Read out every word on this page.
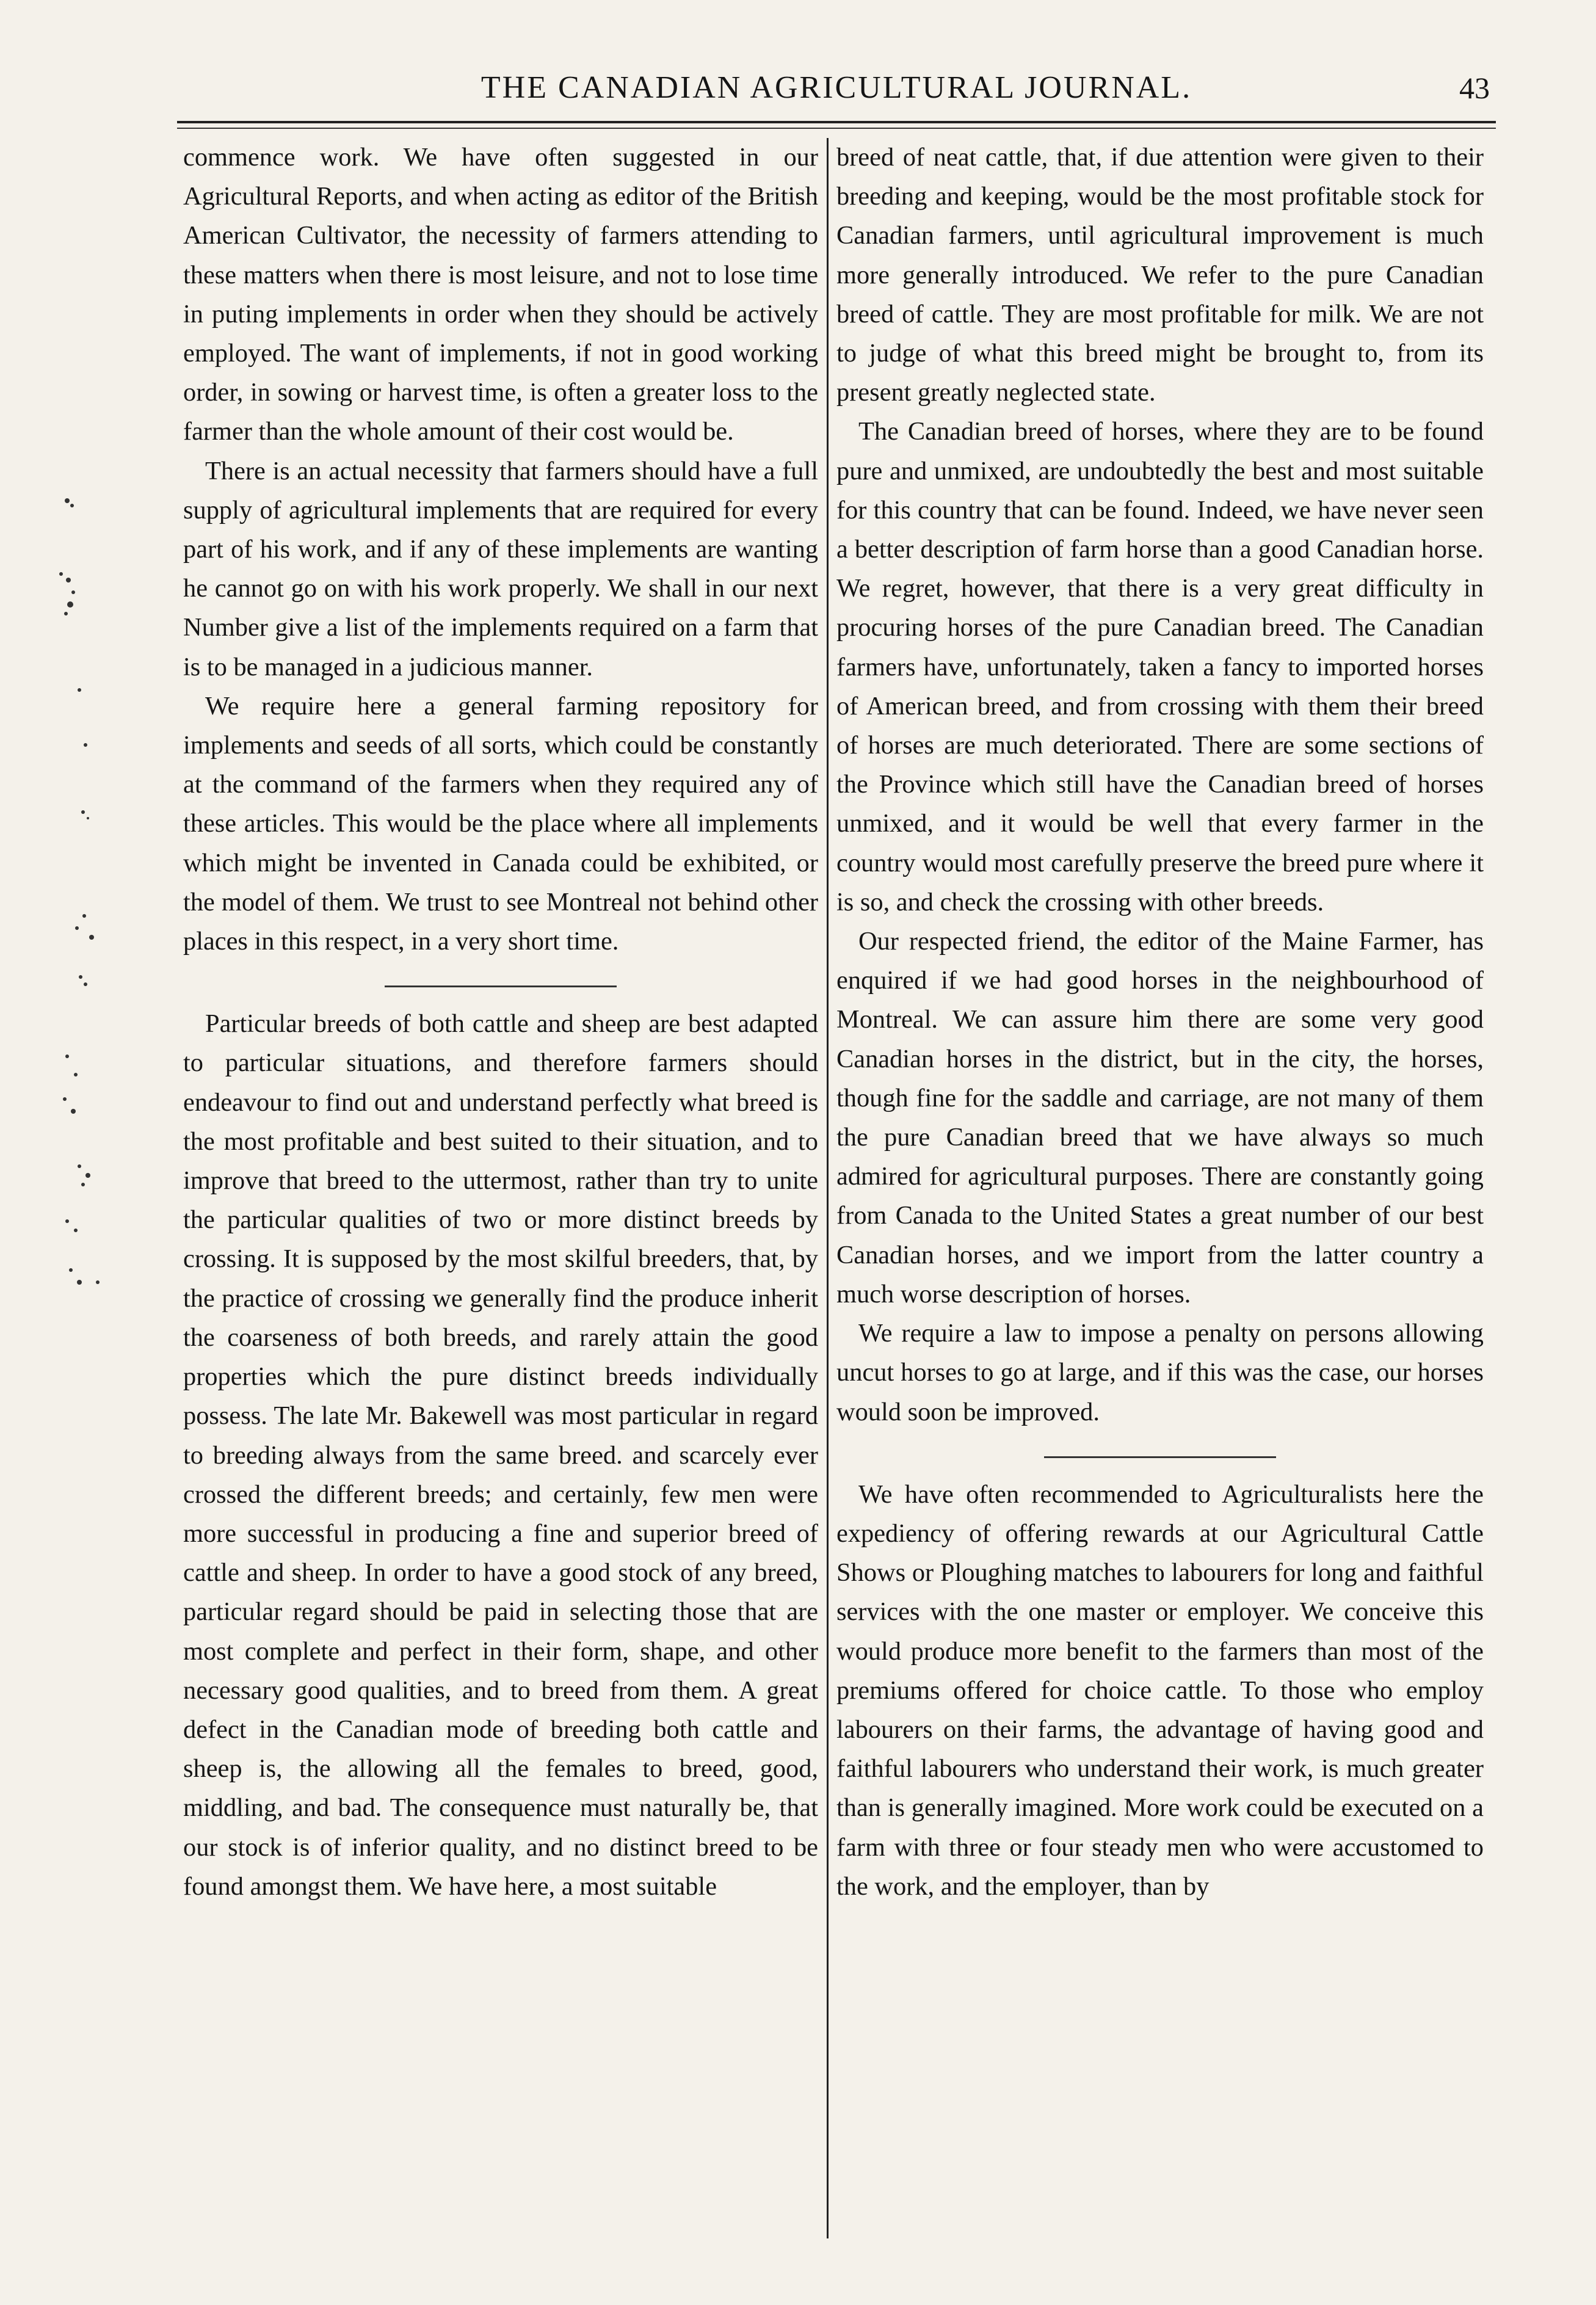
THE CANADIAN AGRICULTURAL JOURNAL.	43

commence work. We have often suggested in our Agricultural Reports, and when acting as editor of the British American Cultivator, the necessity of farmers attending to these matters when there is most leisure, and not to lose time in puting implements in order when they should be actively employed. The want of implements, if not in good working order, in sowing or harvest time, is often a greater loss to the farmer than the whole amount of their cost would be.

There is an actual necessity that farmers should have a full supply of agricultural implements that are required for every part of his work, and if any of these implements are wanting he cannot go on with his work properly. We shall in our next Number give a list of the implements required on a farm that is to be managed in a judicious manner.

We require here a general farming repository for implements and seeds of all sorts, which could be constantly at the command of the farmers when they required any of these articles. This would be the place where all implements which might be invented in Canada could be exhibited, or the model of them. We trust to see Montreal not behind other places in this respect, in a very short time.

Particular breeds of both cattle and sheep are best adapted to particular situations, and therefore farmers should endeavour to find out and understand perfectly what breed is the most profitable and best suited to their situation, and to improve that breed to the uttermost, rather than try to unite the particular qualities of two or more distinct breeds by crossing. It is supposed by the most skilful breeders, that, by the practice of crossing we generally find the produce inherit the coarseness of both breeds, and rarely attain the good properties which the pure distinct breeds individually possess. The late Mr. Bakewell was most particular in regard to breeding always from the same breed. and scarcely ever crossed the different breeds; and certainly, few men were more successful in producing a fine and superior breed of cattle and sheep. In order to have a good stock of any breed, particular regard should be paid in selecting those that are most complete and perfect in their form, shape, and other necessary good qualities, and to breed from them. A great defect in the Canadian mode of breeding both cattle and sheep is, the allowing all the females to breed, good, middling, and bad. The consequence must naturally be, that our stock is of inferior quality, and no distinct breed to be found amongst them. We have here, a most suitable

breed of neat cattle, that, if due attention were given to their breeding and keeping, would be the most profitable stock for Canadian farmers, until agricultural improvement is much more generally introduced. We refer to the pure Canadian breed of cattle. They are most profitable for milk. We are not to judge of what this breed might be brought to, from its present greatly neglected state.

The Canadian breed of horses, where they are to be found pure and unmixed, are undoubtedly the best and most suitable for this country that can be found. Indeed, we have never seen a better description of farm horse than a good Canadian horse. We regret, however, that there is a very great difficulty in procuring horses of the pure Canadian breed. The Canadian farmers have, unfortunately, taken a fancy to imported horses of American breed, and from crossing with them their breed of horses are much deteriorated. There are some sections of the Province which still have the Canadian breed of horses unmixed, and it would be well that every farmer in the country would most carefully preserve the breed pure where it is so, and check the crossing with other breeds.

Our respected friend, the editor of the Maine Farmer, has enquired if we had good horses in the neighbourhood of Montreal. We can assure him there are some very good Canadian horses in the district, but in the city, the horses, though fine for the saddle and carriage, are not many of them the pure Canadian breed that we have always so much admired for agricultural purposes. There are constantly going from Canada to the United States a great number of our best Canadian horses, and we import from the latter country a much worse description of horses.

We require a law to impose a penalty on persons allowing uncut horses to go at large, and if this was the case, our horses would soon be improved.

We have often recommended to Agriculturalists here the expediency of offering rewards at our Agricultural Cattle Shows or Ploughing matches to labourers for long and faithful services with the one master or employer. We conceive this would produce more benefit to the farmers than most of the premiums offered for choice cattle. To those who employ labourers on their farms, the advantage of having good and faithful labourers who understand their work, is much greater than is generally imagined. More work could be executed on a farm with three or four steady men who were accustomed to the work, and the employer, than by
